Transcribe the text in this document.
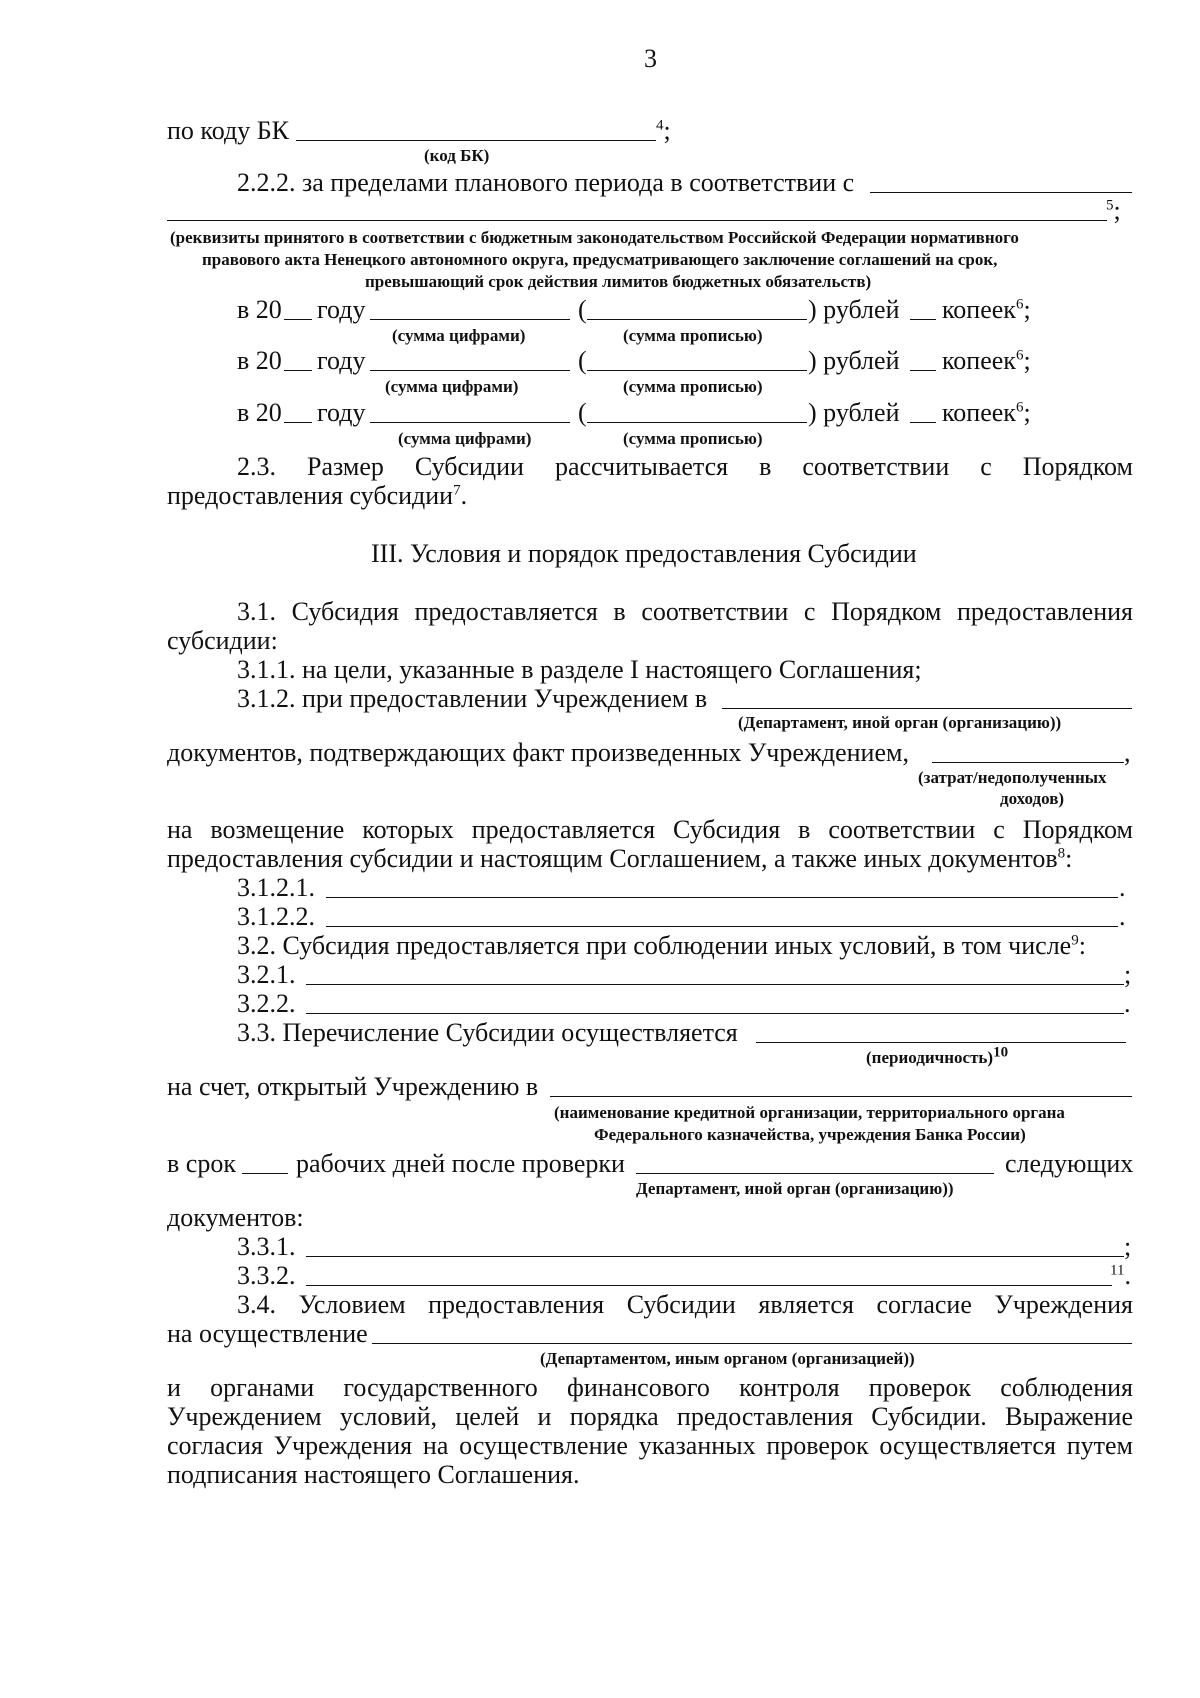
3
по коду БК	$^4$;
(код БК)
2.2.2. за пределами планового периода в соответствии с
$^5$;
(реквизиты принятого в соответствии с бюджетным законодательством Российской Федерации нормативного
правового акта Ненецкого автономного округа, предусматривающего заключение соглашений на срок,
превышающий срок действия лимитов бюджетных обязательств)
в 20 году	(	) рублей копеек$^6$;
(сумма цифрами)	(сумма прописью)
в 20 году	(	) рублей копеек$^6$;
(сумма цифрами)	(сумма прописью)
в 20 году	(	) рублей копеек$^6$;
(сумма цифрами)	(сумма прописью)
2.3. Размер Субсидии рассчитывается в соответствии с Порядком
предоставления субсидии$^7$.
III. Условия и порядок предоставления Субсидии
3.1. Субсидия предоставляется в соответствии с Порядком предоставления
субсидии:
3.1.1. на цели, указанные в разделе I настоящего Соглашения;
3.1.2. при предоставлении Учреждением в
(Департамент, иной орган (организацию))
документов, подтверждающих факт произведенных Учреждением,	,
(затрат/недополученных
доходов)
на возмещение которых предоставляется Субсидия в соответствии с Порядком
предоставления субсидии и настоящим Соглашением, а также иных документов$^8$:
3.1.2.1.	.
3.1.2.2.	.
3.2. Субсидия предоставляется при соблюдении иных условий, в том числе$^9$:
3.2.1.	;
3.2.2.	.
3.3. Перечисление Субсидии осуществляется
(периодичность)$^{10}$
на счет, открытый Учреждению в
(наименование кредитной организации, территориального органа
Федерального казначейства, учреждения Банка России)
в срок рабочих дней после проверки	следующих
Департамент, иной орган (организацию))
документов:
3.3.1.	;
3.3.2.	$^{11}$.
3.4. Условием предоставления Субсидии является согласие Учреждения
на осуществление
(Департаментом, иным органом (организацией))
и органами государственного финансового контроля проверок соблюдения
Учреждением условий, целей и порядка предоставления Субсидии. Выражение
согласия Учреждения на осуществление указанных проверок осуществляется путем
подписания настоящего Соглашения.
